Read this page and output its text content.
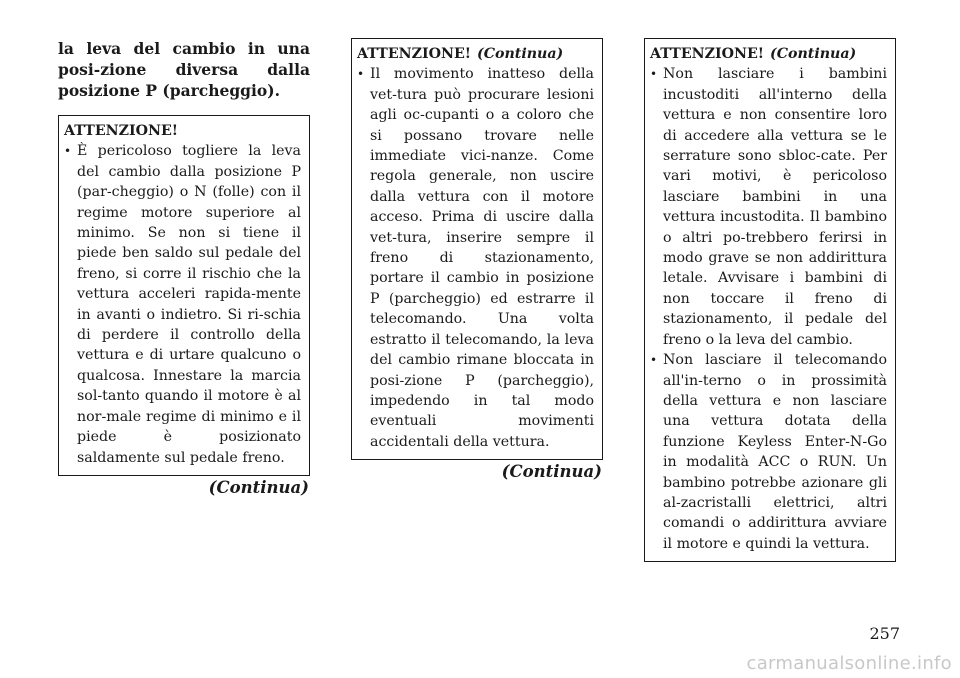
la leva del cambio in una posi-zione diversa dalla posizione P (parcheggio).

ATTENZIONE!

• È pericoloso togliere la leva del cambio dalla posizione P (par-cheggio) o N (folle) con il regime motore superiore al minimo. Se non si tiene il piede ben saldo sul pedale del freno, si corre il rischio che la vettura acceleri rapida-mente in avanti o indietro. Si ri-schia di perdere il controllo della vettura e di urtare qualcuno o qualcosa. Innestare la marcia sol-tanto quando il motore è al nor-male regime di minimo e il piede è posizionato saldamente sul pedale freno.
(Continua)

ATTENZIONE! (Continua)

• Il movimento inatteso della vet-tura può procurare lesioni agli oc-cupanti o a coloro che si possano trovare nelle immediate vici-nanze. Come regola generale, non uscire dalla vettura con il motore acceso. Prima di uscire dalla vet-tura, inserire sempre il freno di stazionamento, portare il cambio in posizione P (parcheggio) ed estrarre il telecomando. Una volta estratto il telecomando, la leva del cambio rimane bloccata in posi-zione P (parcheggio), impedendo in tal modo eventuali movimenti accidentali della vettura.
(Continua)

ATTENZIONE! (Continua)

• Non lasciare i bambini incustoditi all'interno della vettura e non consentire loro di accedere alla vettura se le serrature sono sbloc-cate. Per vari motivi, è pericoloso lasciare bambini in una vettura incustodita. Il bambino o altri po-trebbero ferirsi in modo grave se non addirittura letale. Avvisare i bambini di non toccare il freno di stazionamento, il pedale del freno o la leva del cambio.
• Non lasciare il telecomando all'in-terno o in prossimità della vettura e non lasciare una vettura dotata della funzione Keyless Enter-N-Go in modalità ACC o RUN. Un bambino potrebbe azionare gli al-zacristalli elettrici, altri comandi o addirittura avviare il motore e quindi la vettura.
257
carmanualsonline.info
